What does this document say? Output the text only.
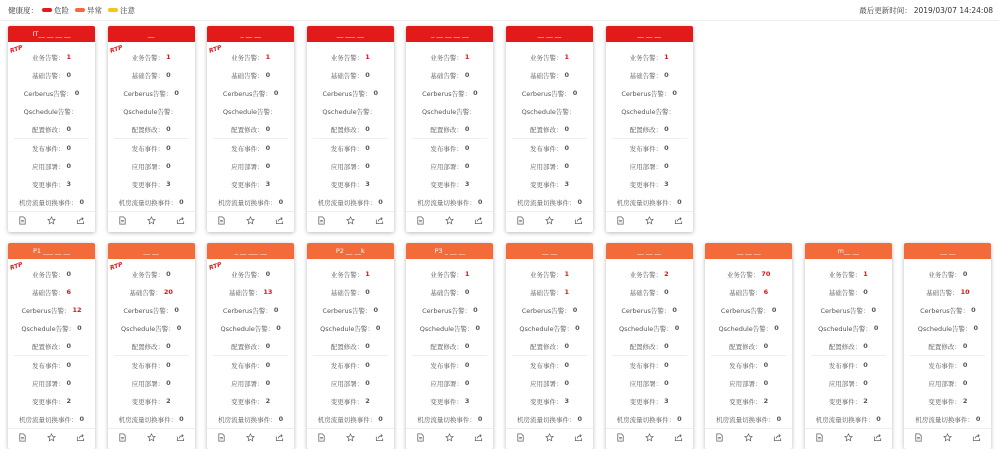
健康度： 危险 异常 注意	最后更新时间： 2019/03/07 14:24:08
IT__ __ __ __
RTP
业务告警： 1
基础告警： 0
Cerberus告警： 0
Qschedule告警：
配置修改： 0
发布事件： 0
应用部署： 0
变更事件： 3
机房流量切换事件： 0
__
RTP
业务告警： 1
基础告警： 0
Cerberus告警： 0
Qschedule告警：
配置修改： 0
发布事件： 0
应用部署： 0
变更事件： 3
机房流量切换事件： 0
_ __ __
RTP
业务告警： 1
基础告警： 0
Cerberus告警： 0
Qschedule告警：
配置修改： 0
发布事件： 0
应用部署： 0
变更事件： 3
机房流量切换事件： 0
__ ___ __
业务告警： 1
基础告警： 0
Cerberus告警： 0
Qschedule告警：
配置修改： 0
发布事件： 0
应用部署： 0
变更事件： 3
机房流量切换事件： 0
_ __ __ __ __
业务告警： 1
基础告警： 0
Cerberus告警： 0
Qschedule告警：
配置修改： 0
发布事件： 0
应用部署： 0
变更事件： 3
机房流量切换事件： 0
__ __ __
业务告警： 1
基础告警： 0
Cerberus告警： 0
Qschedule告警：
配置修改： 0
发布事件： 0
应用部署： 0
变更事件： 3
机房流量切换事件： 0
__ __ __
业务告警： 1
基础告警： 0
Cerberus告警： 0
Qschedule告警：
配置修改： 0
发布事件： 0
应用部署： 0
变更事件： 3
机房流量切换事件： 0
P1 ___ __ __
RTP
业务告警： 0
基础告警： 6
Cerberus告警： 12
Qschedule告警： 0
配置修改： 0
发布事件： 0
应用部署： 0
变更事件： 2
机房流量切换事件： 0
__ __
RTP
业务告警： 0
基础告警： 20
Cerberus告警： 0
Qschedule告警： 0
配置修改： 0
发布事件： 0
应用部署： 0
变更事件： 2
机房流量切换事件： 0
_ __ ___ __
RTP
业务告警： 0
基础告警： 13
Cerberus告警： 0
Qschedule告警： 0
配置修改： 0
发布事件： 0
应用部署： 0
变更事件： 2
机房流量切换事件： 0
P2 __ __k
业务告警： 1
基础告警： 0
Cerberus告警： 0
Qschedule告警： 0
配置修改： 0
发布事件： 0
应用部署： 0
变更事件： 2
机房流量切换事件： 0
P3 _ __ __
业务告警： 1
基础告警： 0
Cerberus告警： 0
Qschedule告警： 0
配置修改： 0
发布事件： 0
应用部署： 0
变更事件： 3
机房流量切换事件： 0
__ __
业务告警： 1
基础告警： 1
Cerberus告警： 0
Qschedule告警： 0
配置修改： 0
发布事件： 0
应用部署： 0
变更事件： 3
机房流量切换事件： 0
__ __ __
业务告警： 2
基础告警： 0
Cerberus告警： 0
Qschedule告警： 0
配置修改： 0
发布事件： 0
应用部署： 0
变更事件： 3
机房流量切换事件： 0
__ __ __
业务告警： 70
基础告警： 6
Cerberus告警： 0
Qschedule告警： 0
配置修改： 0
发布事件： 0
应用部署： 0
变更事件： 2
机房流量切换事件： 0
m__ __
业务告警： 1
基础告警： 0
Cerberus告警： 0
Qschedule告警： 0
配置修改： 0
发布事件： 0
应用部署： 0
变更事件： 2
机房流量切换事件： 0
__ __
业务告警： 0
基础告警： 10
Cerberus告警： 0
Qschedule告警： 0
配置修改： 0
发布事件： 0
应用部署： 0
变更事件： 2
机房流量切换事件： 0
